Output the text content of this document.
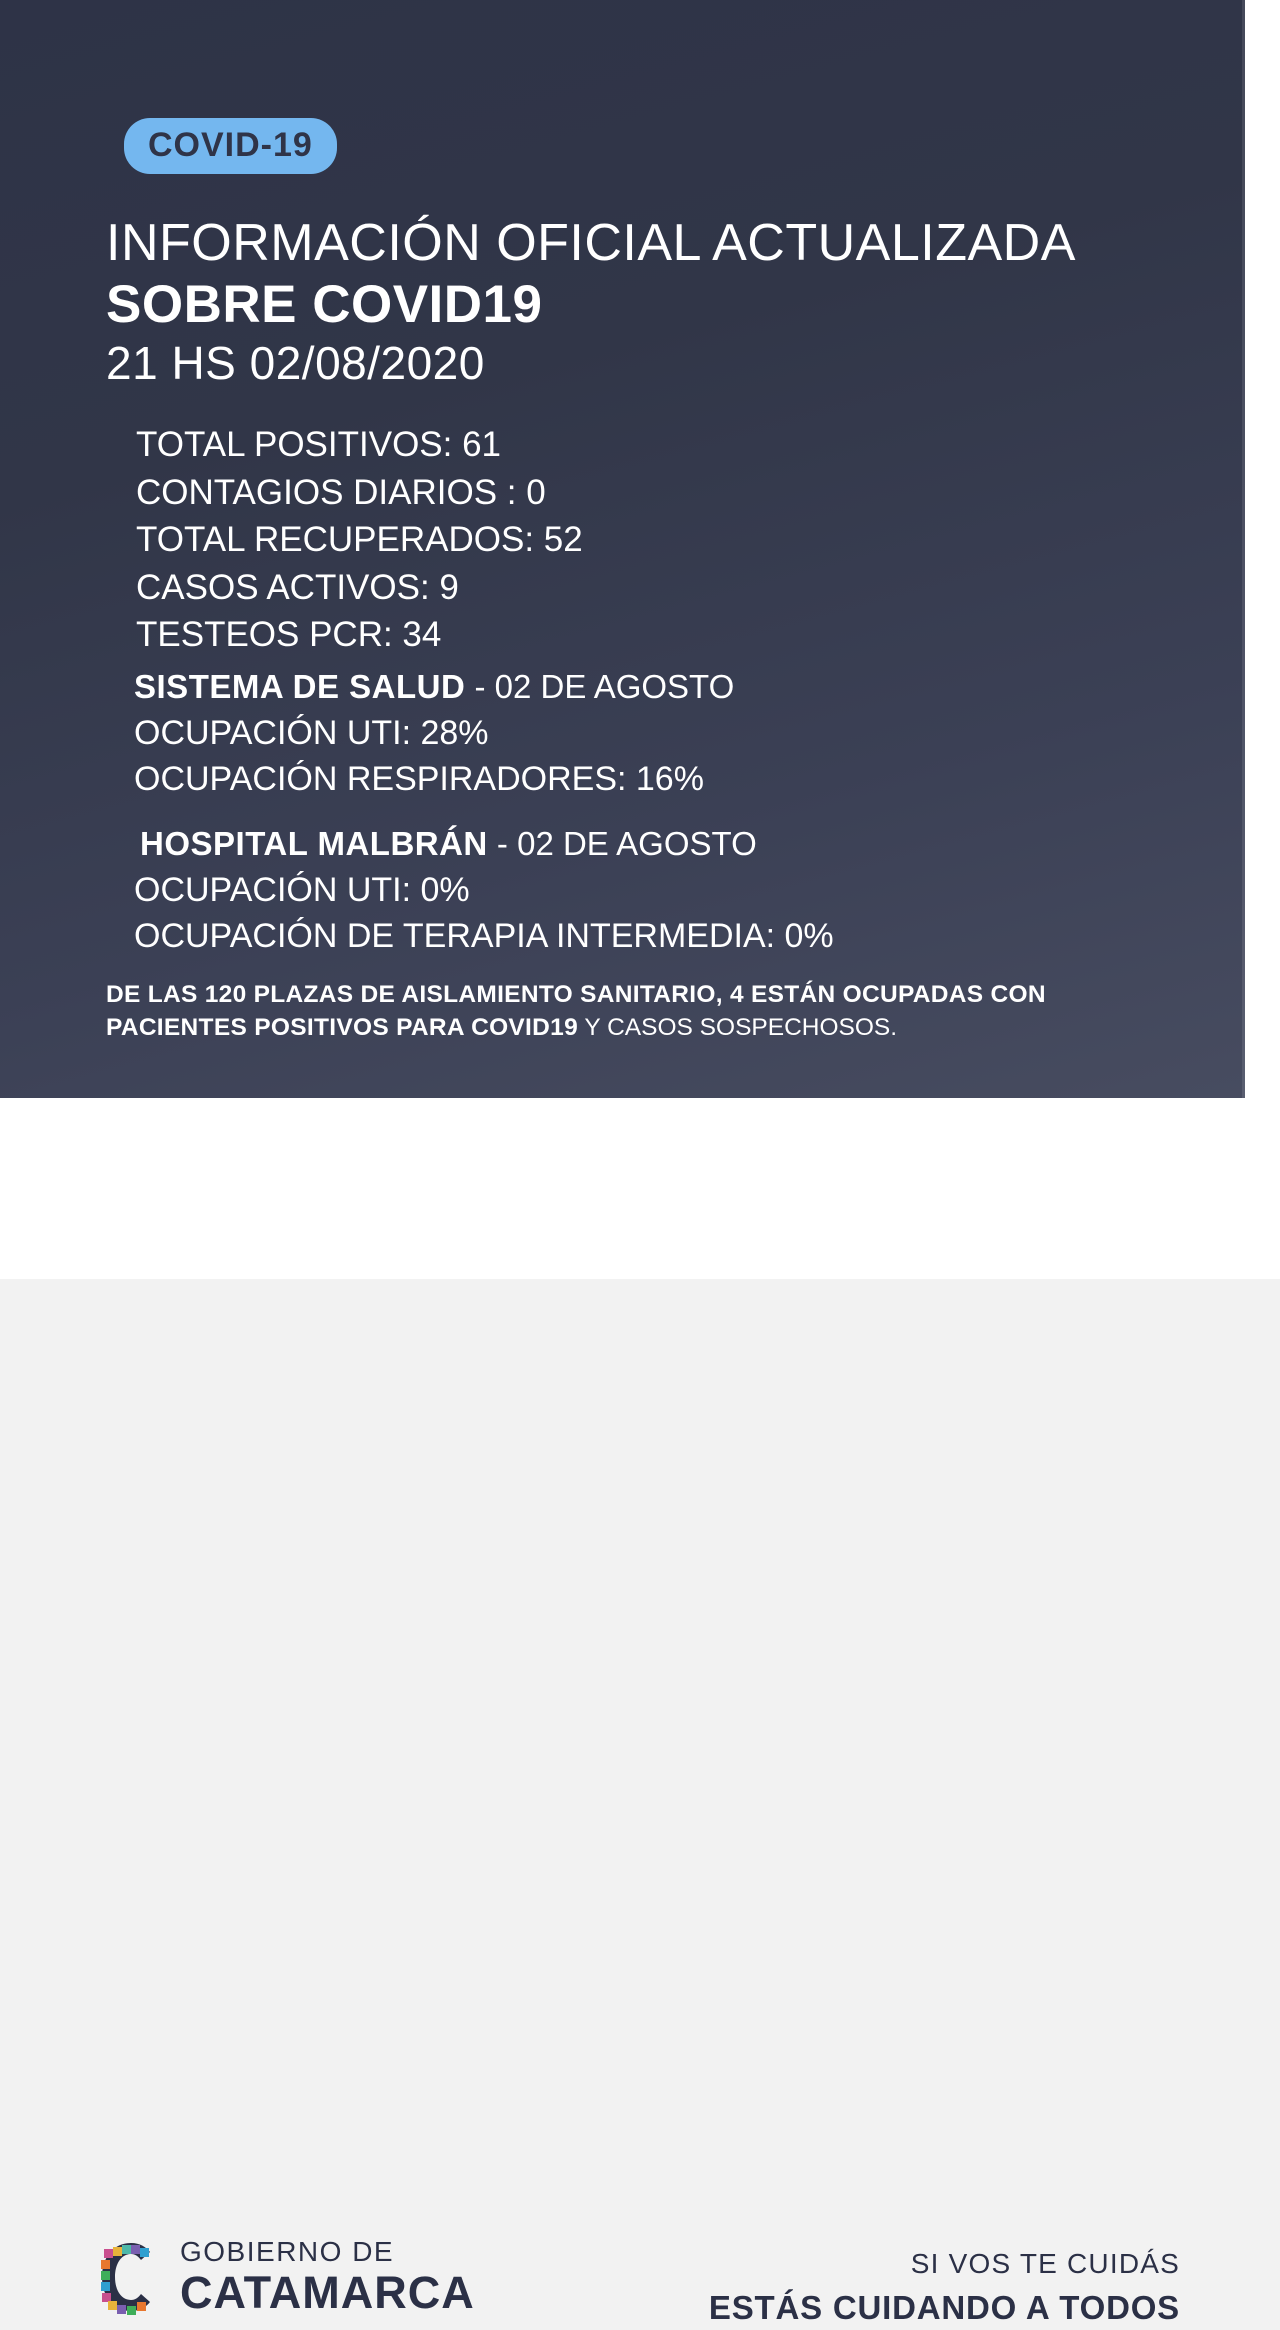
COVID-19
INFORMACIÓN OFICIAL ACTUALIZADA
SOBRE COVID19
21 HS 02/08/2020
TOTAL POSITIVOS: 61
CONTAGIOS DIARIOS : 0
TOTAL RECUPERADOS: 52
CASOS ACTIVOS: 9
TESTEOS PCR: 34
SISTEMA DE SALUD - 02 DE AGOSTO
OCUPACIÓN UTI: 28%
OCUPACIÓN RESPIRADORES: 16%
HOSPITAL MALBRÁN - 02 DE AGOSTO
OCUPACIÓN UTI: 0%
OCUPACIÓN DE TERAPIA INTERMEDIA: 0%
DE LAS 120 PLAZAS DE AISLAMIENTO SANITARIO, 4 ESTÁN OCUPADAS CON PACIENTES POSITIVOS PARA COVID19 Y CASOS SOSPECHOSOS.
GOBIERNO DE
CATAMARCA
SI VOS TE CUIDÁS
ESTÁS CUIDANDO A TODOS
